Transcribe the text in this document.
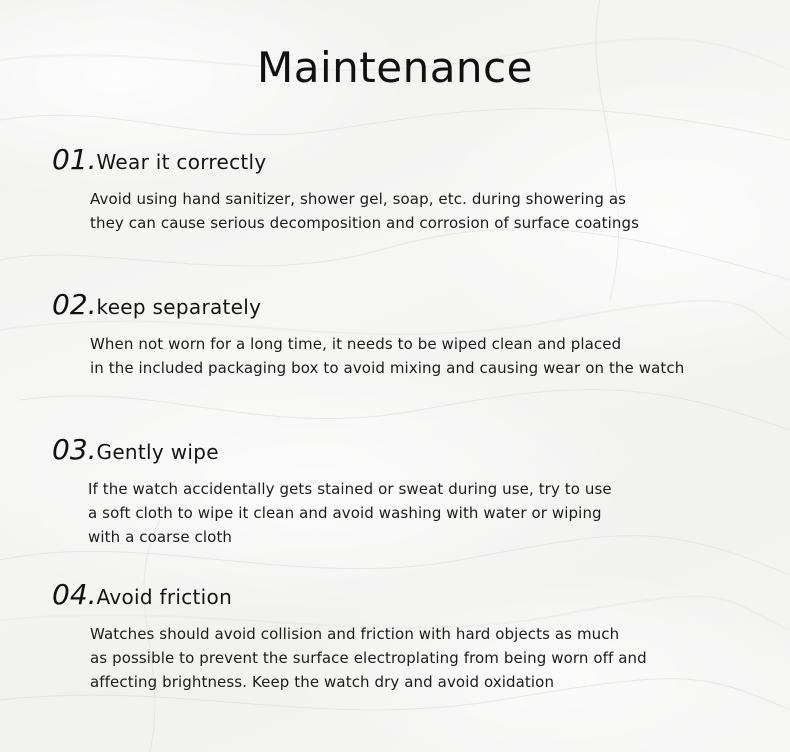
Maintenance
01.Wear it correctly
Avoid using hand sanitizer, shower gel, soap, etc. during showering as
they can cause serious decomposition and corrosion of surface coatings
02.keep separately
When not worn for a long time, it needs to be wiped clean and placed
in the included packaging box to avoid mixing and causing wear on the watch
03.Gently wipe
If the watch accidentally gets stained or sweat during use, try to use
a soft cloth to wipe it clean and avoid washing with water or wiping
with a coarse cloth
04.Avoid friction
Watches should avoid collision and friction with hard objects as much
as possible to prevent the surface electroplating from being worn off and
affecting brightness. Keep the watch dry and avoid oxidation
